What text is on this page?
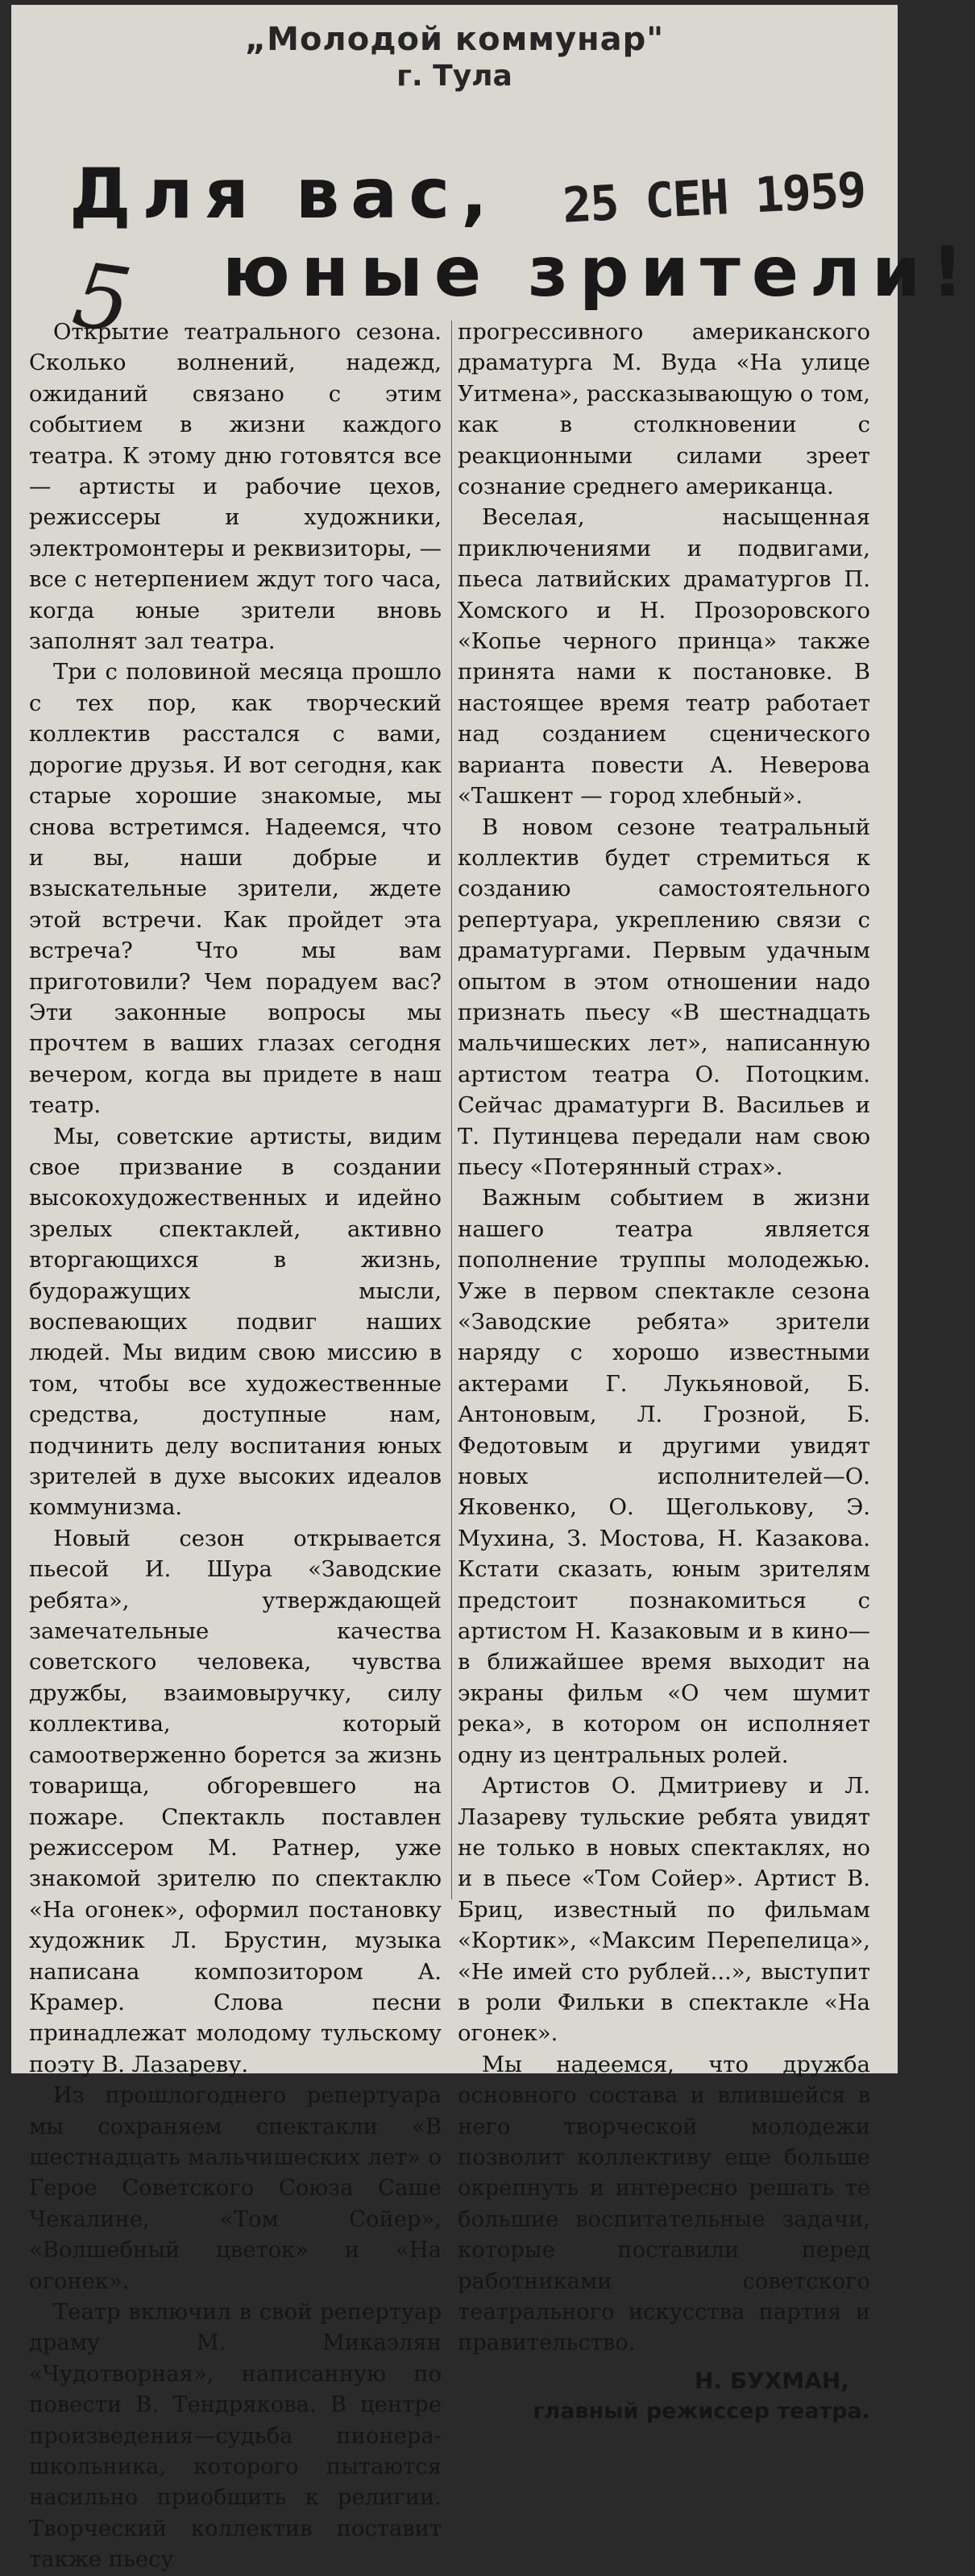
„Молодой коммунар"
г. Тула
Для вас,
юные зрители!
25 СЕН 1959
5

Открытие театрального сезона. Сколько волнений, надежд, ожиданий связано с этим событием в жизни каждого театра. К этому дню готовятся все — артисты и рабочие цехов, режиссеры и художники, электромонтеры и реквизиторы, — все с нетерпением ждут того часа, когда юные зрители вновь заполнят зал театра.

Три с половиной месяца прошло с тех пор, как творческий коллектив расстался с вами, дорогие друзья. И вот сегодня, как старые хорошие знакомые, мы снова встретимся. Надеемся, что и вы, наши добрые и взыскательные зрители, ждете этой встречи. Как пройдет эта встреча? Что мы вам приготовили? Чем порадуем вас? Эти законные вопросы мы прочтем в ваших глазах сегодня вечером, когда вы придете в наш театр.

Мы, советские артисты, видим свое призвание в создании высокохудожественных и идейно зрелых спектаклей, активно вторгающихся в жизнь, будоражущих мысли, воспевающих подвиг наших людей. Мы видим свою миссию в том, чтобы все художественные средства, доступные нам, подчинить делу воспитания юных зрителей в духе высоких идеалов коммунизма.

Новый сезон открывается пьесой И. Шура «Заводские ребята», утверждающей замечательные качества советского человека, чувства дружбы, взаимовыручку, силу коллектива, который самоотверженно борется за жизнь товарища, обгоревшего на пожаре. Спектакль поставлен режиссером М. Ратнер, уже знакомой зрителю по спектаклю «На огонек», оформил постановку художник Л. Брустин, музыка написана композитором А. Крамер. Слова песни принадлежат молодому тульскому поэту В. Лазареву.

Из прошлогоднего репертуара мы сохраняем спектакли «В шестнадцать мальчишеских лет» о Герое Советского Союза Саше Чекалине, «Том Сойер», «Волшебный цветок» и «На огонек».

Театр включил в свой репертуар драму М. Микаэлян «Чудотворная», написанную по повести В. Тендрякова. В центре произведения—судьба пионера-школьника, которого пытаются насильно приобщить к религии. Творческий коллектив поставит также пьесу

прогрессивного американского драматурга М. Вуда «На улице Уитмена», рассказывающую о том, как в столкновении с реакционными силами зреет сознание среднего американца.

Веселая, насыщенная приключениями и подвигами, пьеса латвийских драматургов П. Хомского и Н. Прозоровского «Копье черного принца» также принята нами к постановке. В настоящее время театр работает над созданием сценического варианта повести А. Неверова «Ташкент — город хлебный».

В новом сезоне театральный коллектив будет стремиться к созданию самостоятельного репертуара, укреплению связи с драматургами. Первым удачным опытом в этом отношении надо признать пьесу «В шестнадцать мальчишеских лет», написанную артистом театра О. Потоцким. Сейчас драматурги В. Васильев и Т. Путинцева передали нам свою пьесу «Потерянный страх».

Важным событием в жизни нашего театра является пополнение труппы молодежью. Уже в первом спектакле сезона «Заводские ребята» зрители наряду с хорошо известными актерами Г. Лукьяновой, Б. Антоновым, Л. Грозной, Б. Федотовым и другими увидят новых исполнителей—О. Яковенко, О. Щеголькову, Э. Мухина, З. Мостова, Н. Казакова. Кстати сказать, юным зрителям предстоит познакомиться с артистом Н. Казаковым и в кино—в ближайшее время выходит на экраны фильм «О чем шумит река», в котором он исполняет одну из центральных ролей.

Артистов О. Дмитриеву и Л. Лазареву тульские ребята увидят не только в новых спектаклях, но и в пьесе «Том Сойер». Артист В. Бриц, известный по фильмам «Кортик», «Максим Перепелица», «Не имей сто рублей...», выступит в роли Фильки в спектакле «На огонек».

Мы надеемся, что дружба основного состава и влившейся в него творческой молодежи позволит коллективу еще больше окрепнуть и интересно решать те большие воспитательные задачи, которые поставили перед работниками советского театрального искусства партия и правительство.

Н. БУХМАН,
главный режиссер театра.
